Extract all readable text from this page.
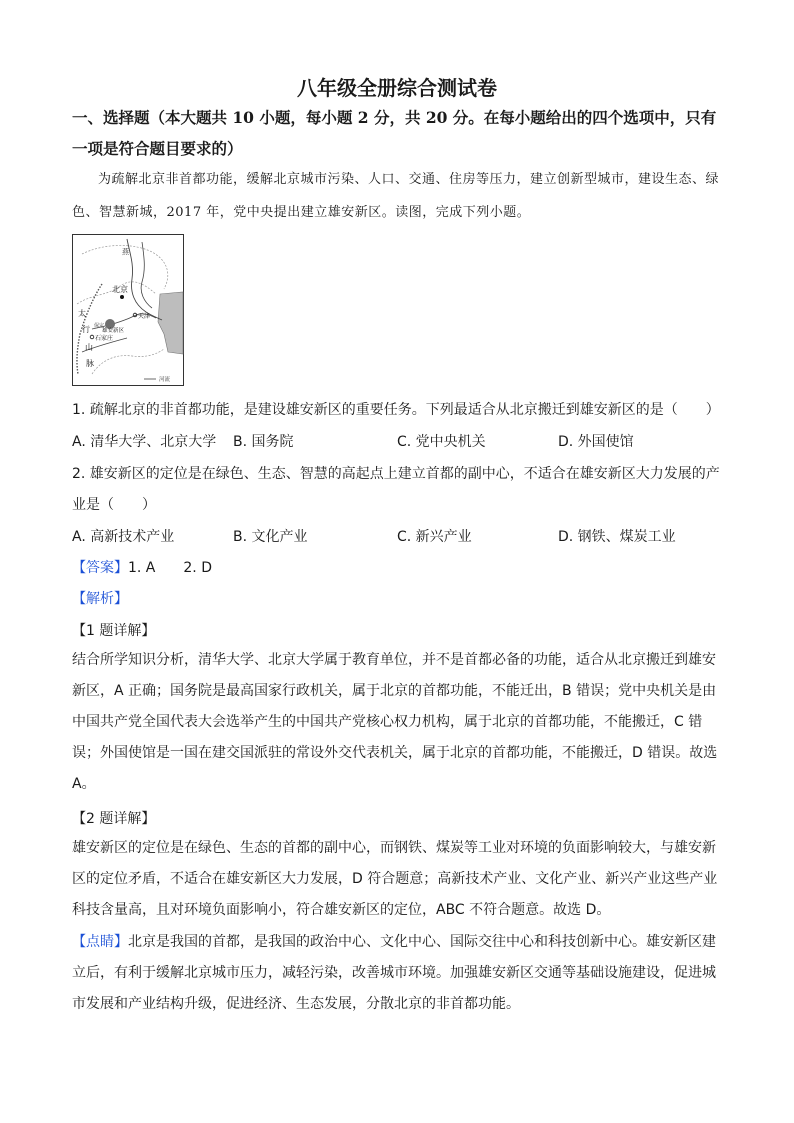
八年级全册综合测试卷
一、选择题（本大题共 10 小题，每小题 2 分，共 20 分。在每小题给出的四个选项中，只有
一项是符合题目要求的）
为疏解北京非首都功能，缓解北京城市污染、人口、交通、住房等压力，建立创新型城市，建设生态、绿色、智慧新城，2017 年，党中央提出建立雄安新区。读图，完成下列小题。
燕
北京
太
行
山
脉
保定
雄安新区
天津
石家庄
河流
1. 疏解北京的非首都功能，是建设雄安新区的重要任务。下列最适合从北京搬迁到雄安新区的是（　　）
A. 清华大学、北京大学 B. 国务院	C. 党中央机关	D. 外国使馆
2. 雄安新区的定位是在绿色、生态、智慧的高起点上建立首都的副中心，不适合在雄安新区大力发展的产
业是（　　）
A. 高新技术产业	B. 文化产业	C. 新兴产业	D. 钢铁、煤炭工业
【答案】1. A　　2. D
【解析】
【1 题详解】
结合所学知识分析，清华大学、北京大学属于教育单位，并不是首都必备的功能，适合从北京搬迁到雄安新区，A 正确；国务院是最高国家行政机关，属于北京的首都功能，不能迁出，B 错误；党中央机关是由中国共产党全国代表大会选举产生的中国共产党核心权力机构，属于北京的首都功能，不能搬迁，C 错误；外国使馆是一国在建交国派驻的常设外交代表机关，属于北京的首都功能，不能搬迁，D 错误。故选 A。
【2 题详解】
雄安新区的定位是在绿色、生态的首都的副中心，而钢铁、煤炭等工业对环境的负面影响较大，与雄安新区的定位矛盾，不适合在雄安新区大力发展，D 符合题意；高新技术产业、文化产业、新兴产业这些产业科技含量高，且对环境负面影响小，符合雄安新区的定位，ABC 不符合题意。故选 D。
【点睛】北京是我国的首都，是我国的政治中心、文化中心、国际交往中心和科技创新中心。雄安新区建立后，有利于缓解北京城市压力，减轻污染，改善城市环境。加强雄安新区交通等基础设施建设，促进城市发展和产业结构升级，促进经济、生态发展，分散北京的非首都功能。
